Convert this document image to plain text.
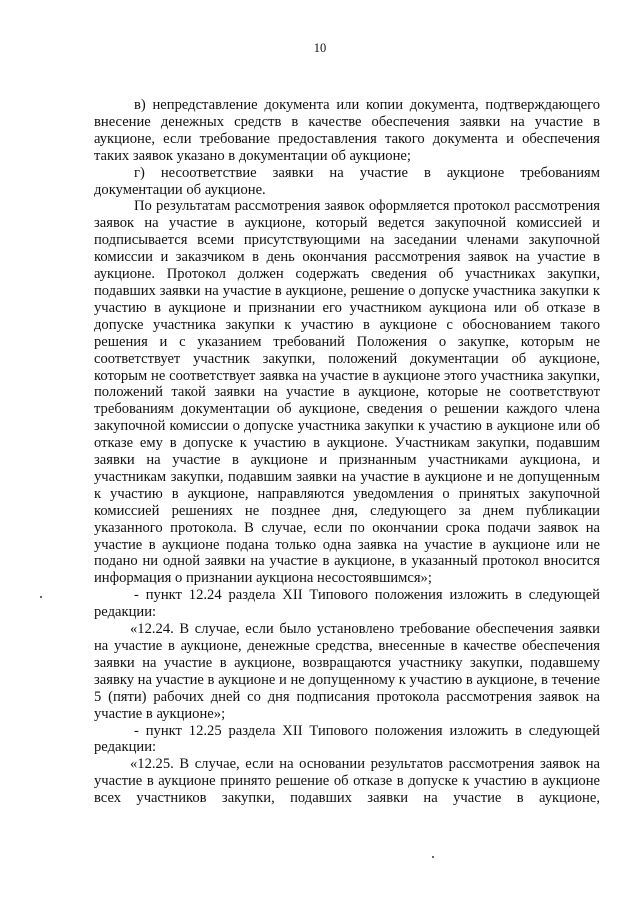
10

в) непредставление документа или копии документа, подтверждающего внесение денежных средств в качестве обеспечения заявки на участие в аукционе, если требование предоставления такого документа и обеспечения таких заявок указано в документации об аукционе;

г) несоответствие заявки на участие в аукционе требованиям документации об аукционе.

По результатам рассмотрения заявок оформляется протокол рассмотрения заявок на участие в аукционе, который ведется закупочной комиссией и подписывается всеми присутствующими на заседании членами закупочной комиссии и заказчиком в день окончания рассмотрения заявок на участие в аукционе. Протокол должен содержать сведения об участниках закупки, подавших заявки на участие в аукционе, решение о допуске участника закупки к участию в аукционе и признании его участником аукциона или об отказе в допуске участника закупки к участию в аукционе с обоснованием такого решения и с указанием требований Положения о закупке, которым не соответствует участник закупки, положений документации об аукционе, которым не соответствует заявка на участие в аукционе этого участника закупки, положений такой заявки на участие в аукционе, которые не соответствуют требованиям документации об аукционе, сведения о решении каждого члена закупочной комиссии о допуске участника закупки к участию в аукционе или об отказе ему в допуске к участию в аукционе. Участникам закупки, подавшим заявки на участие в аукционе и признанным участниками аукциона, и участникам закупки, подавшим заявки на участие в аукционе и не допущенным к участию в аукционе, направляются уведомления о принятых закупочной комиссией решениях не позднее дня, следующего за днем публикации указанного протокола. В случае, если по окончании срока подачи заявок на участие в аукционе подана только одна заявка на участие в аукционе или не подано ни одной заявки на участие в аукционе, в указанный протокол вносится информация о признании аукциона несостоявшимся»;

- пункт 12.24 раздела XII Типового положения изложить в следующей редакции:

«12.24. В случае, если было установлено требование обеспечения заявки на участие в аукционе, денежные средства, внесенные в качестве обеспечения заявки на участие в аукционе, возвращаются участнику закупки, подавшему заявку на участие в аукционе и не допущенному к участию в аукционе, в течение 5 (пяти) рабочих дней со дня подписания протокола рассмотрения заявок на участие в аукционе»;

- пункт 12.25 раздела XII Типового положения изложить в следующей редакции:

«12.25. В случае, если на основании результатов рассмотрения заявок на участие в аукционе принято решение об отказе в допуске к участию в аукционе всех участников закупки, подавших заявки на участие в аукционе,
